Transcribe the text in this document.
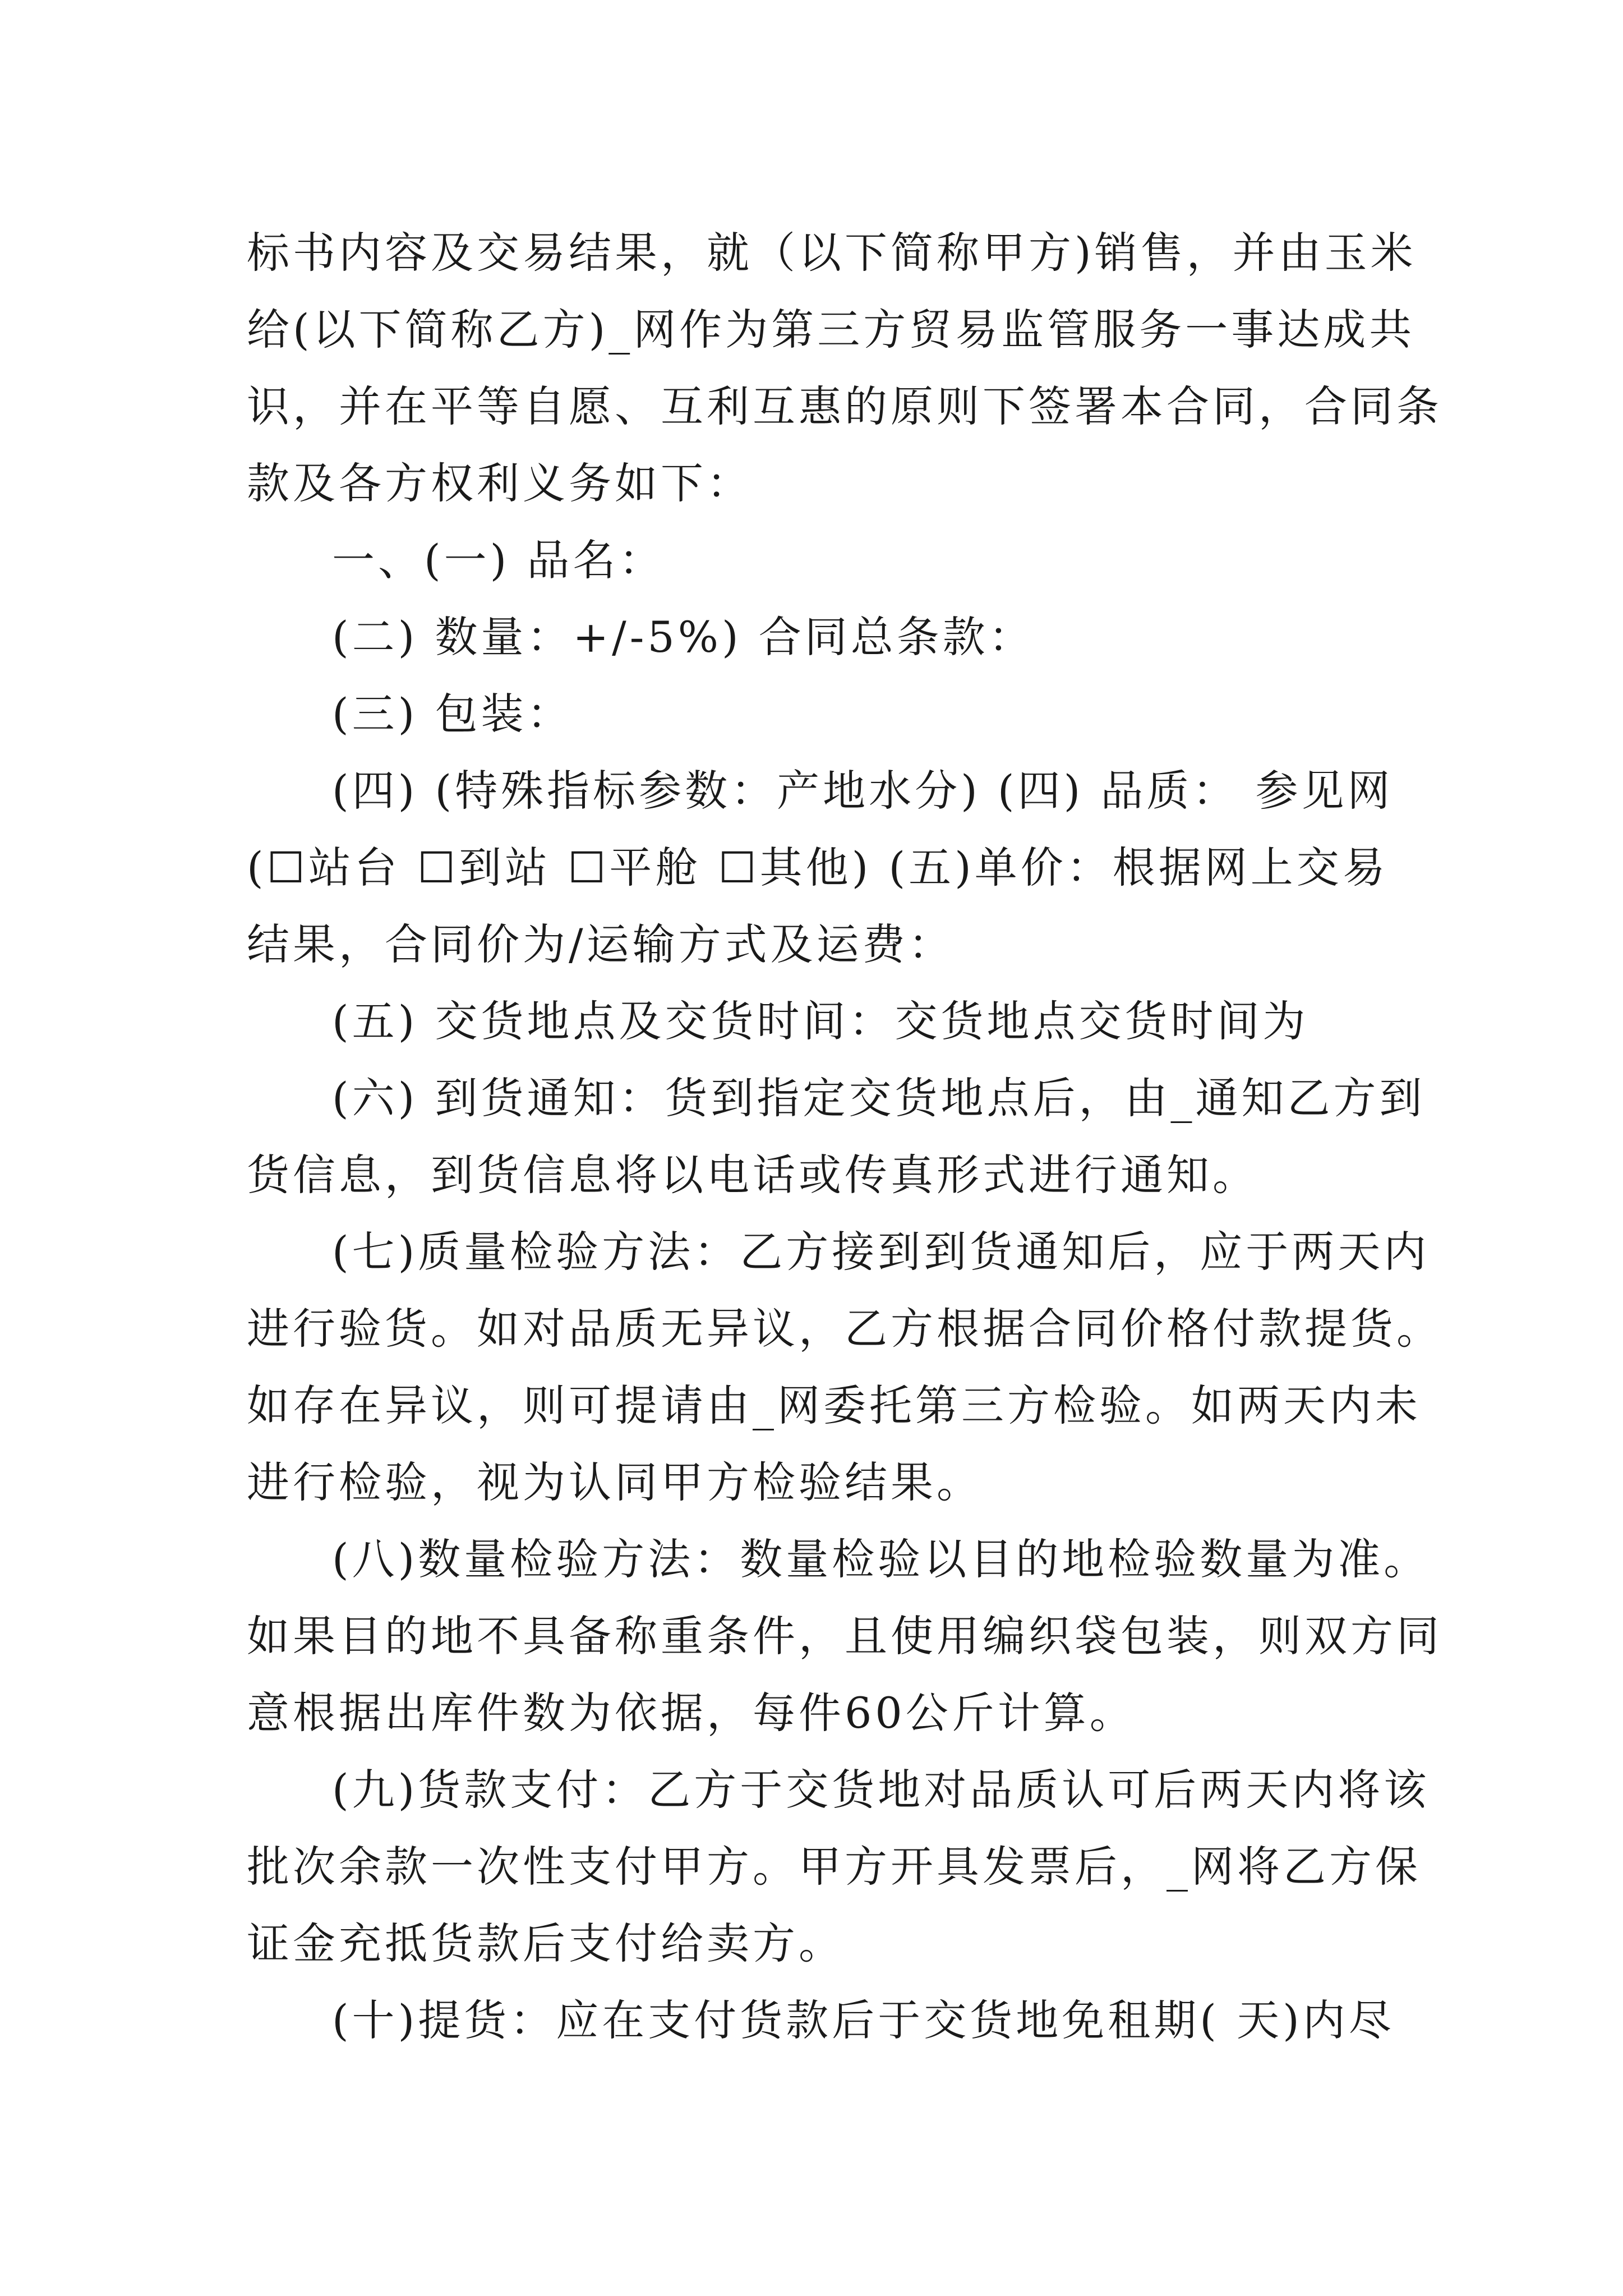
标书内容及交易结果，就（以下简称甲方)销售，并由玉米
给(以下简称乙方)_网作为第三方贸易监管服务一事达成共
识，并在平等自愿、互利互惠的原则下签署本合同，合同条
款及各方权利义务如下：
一、(一) 品名：
(二) 数量：+/-5%) 合同总条款：
(三) 包装：
(四) (特殊指标参数：产地水分) (四) 品质： 参见网
(☐站台 ☐到站 ☐平舱 ☐其他) (五)单价：根据网上交易
结果，合同价为/运输方式及运费：
(五) 交货地点及交货时间：交货地点交货时间为
(六) 到货通知：货到指定交货地点后，由_通知乙方到
货信息，到货信息将以电话或传真形式进行通知。
(七)质量检验方法：乙方接到到货通知后，应于两天内
进行验货。如对品质无异议，乙方根据合同价格付款提货。
如存在异议，则可提请由_网委托第三方检验。如两天内未
进行检验，视为认同甲方检验结果。
(八)数量检验方法：数量检验以目的地检验数量为准。
如果目的地不具备称重条件，且使用编织袋包装，则双方同
意根据出库件数为依据，每件60公斤计算。
(九)货款支付：乙方于交货地对品质认可后两天内将该
批次余款一次性支付甲方。甲方开具发票后，_网将乙方保
证金充抵货款后支付给卖方。
(十)提货：应在支付货款后于交货地免租期( 天)内尽
